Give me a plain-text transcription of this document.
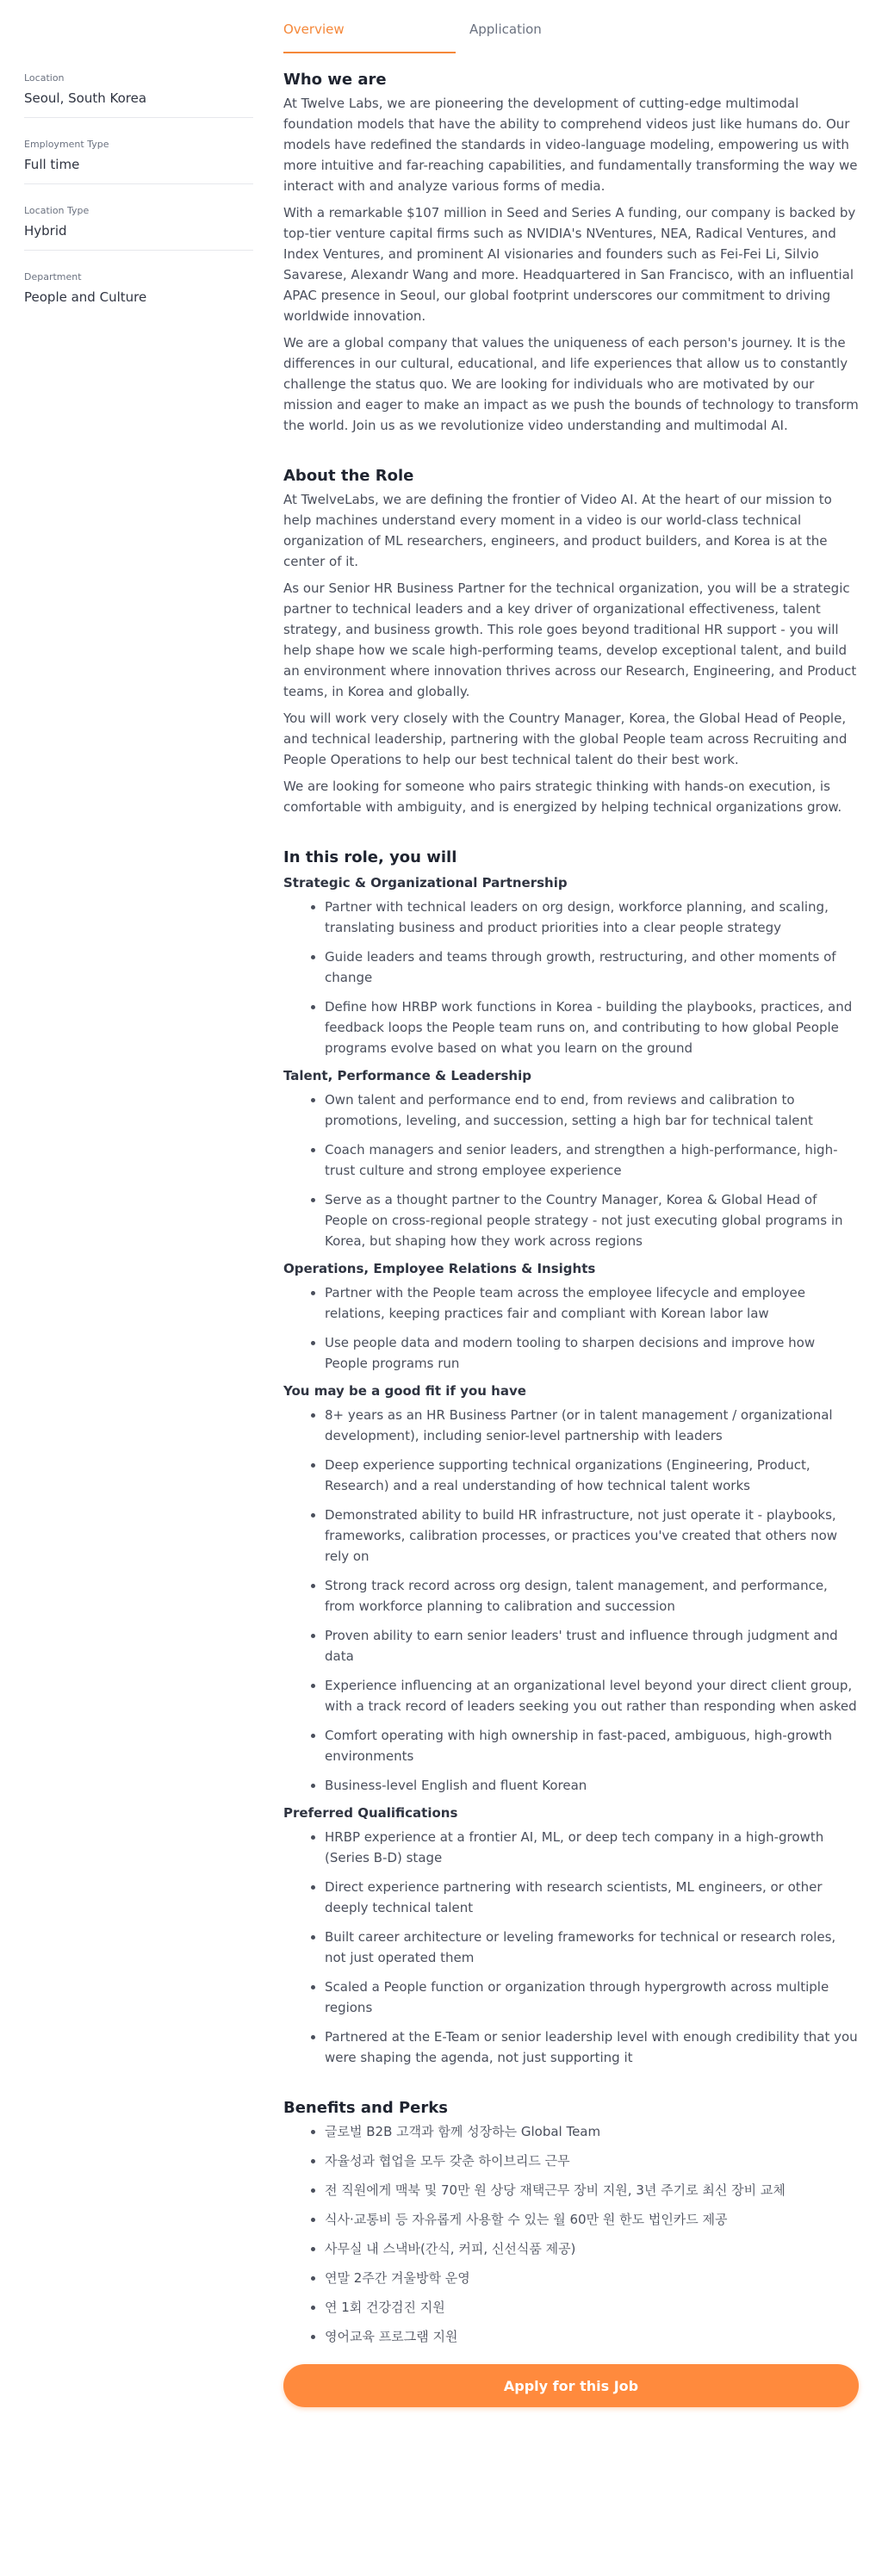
Location
Seoul, South Korea
Employment Type
Full time
Location Type
Hybrid
Department
People and Culture
Overview	Application
Who we are

At Twelve Labs, we are pioneering the development of cutting-edge multimodal foundation models that have the ability to comprehend videos just like humans do. Our models have redefined the standards in video-language modeling, empowering us with more intuitive and far-reaching capabilities, and fundamentally transforming the way we interact with and analyze various forms of media.

With a remarkable $107 million in Seed and Series A funding, our company is backed by top-tier venture capital firms such as NVIDIA's NVentures, NEA, Radical Ventures, and Index Ventures, and prominent AI visionaries and founders such as Fei-Fei Li, Silvio Savarese, Alexandr Wang and more. Headquartered in San Francisco, with an influential APAC presence in Seoul, our global footprint underscores our commitment to driving worldwide innovation.

We are a global company that values the uniqueness of each person's journey. It is the differences in our cultural, educational, and life experiences that allow us to constantly challenge the status quo. We are looking for individuals who are motivated by our mission and eager to make an impact as we push the bounds of technology to transform the world. Join us as we revolutionize video understanding and multimodal AI.

About the Role

At TwelveLabs, we are defining the frontier of Video AI. At the heart of our mission to help machines understand every moment in a video is our world-class technical organization of ML researchers, engineers, and product builders, and Korea is at the center of it.

As our Senior HR Business Partner for the technical organization, you will be a strategic partner to technical leaders and a key driver of organizational effectiveness, talent strategy, and business growth. This role goes beyond traditional HR support - you will help shape how we scale high-performing teams, develop exceptional talent, and build an environment where innovation thrives across our Research, Engineering, and Product teams, in Korea and globally.

You will work very closely with the Country Manager, Korea, the Global Head of People, and technical leadership, partnering with the global People team across Recruiting and People Operations to help our best technical talent do their best work.

We are looking for someone who pairs strategic thinking with hands-on execution, is comfortable with ambiguity, and is energized by helping technical organizations grow.

In this role, you will
Strategic & Organizational Partnership
Partner with technical leaders on org design, workforce planning, and scaling, translating business and product priorities into a clear people strategy
Guide leaders and teams through growth, restructuring, and other moments of change
Define how HRBP work functions in Korea - building the playbooks, practices, and feedback loops the People team runs on, and contributing to how global People programs evolve based on what you learn on the ground
Talent, Performance & Leadership
Own talent and performance end to end, from reviews and calibration to promotions, leveling, and succession, setting a high bar for technical talent
Coach managers and senior leaders, and strengthen a high-performance, high-trust culture and strong employee experience
Serve as a thought partner to the Country Manager, Korea & Global Head of People on cross-regional people strategy - not just executing global programs in Korea, but shaping how they work across regions
Operations, Employee Relations & Insights
Partner with the People team across the employee lifecycle and employee relations, keeping practices fair and compliant with Korean labor law
Use people data and modern tooling to sharpen decisions and improve how People programs run
You may be a good fit if you have
8+ years as an HR Business Partner (or in talent management / organizational development), including senior-level partnership with leaders
Deep experience supporting technical organizations (Engineering, Product, Research) and a real understanding of how technical talent works
Demonstrated ability to build HR infrastructure, not just operate it - playbooks, frameworks, calibration processes, or practices you've created that others now rely on
Strong track record across org design, talent management, and performance, from workforce planning to calibration and succession
Proven ability to earn senior leaders' trust and influence through judgment and data
Experience influencing at an organizational level beyond your direct client group, with a track record of leaders seeking you out rather than responding when asked
Comfort operating with high ownership in fast-paced, ambiguous, high-growth environments
Business-level English and fluent Korean
Preferred Qualifications
HRBP experience at a frontier AI, ML, or deep tech company in a high-growth (Series B-D) stage
Direct experience partnering with research scientists, ML engineers, or other deeply technical talent
Built career architecture or leveling frameworks for technical or research roles, not just operated them
Scaled a People function or organization through hypergrowth across multiple regions
Partnered at the E-Team or senior leadership level with enough credibility that you were shaping the agenda, not just supporting it
Benefits and Perks
글로벌 B2B 고객과 함께 성장하는 Global Team
자율성과 협업을 모두 갖춘 하이브리드 근무
전 직원에게 맥북 및 70만 원 상당 재택근무 장비 지원, 3년 주기로 최신 장비 교체
식사·교통비 등 자유롭게 사용할 수 있는 월 60만 원 한도 법인카드 제공
사무실 내 스낵바(간식, 커피, 신선식품 제공)
연말 2주간 겨울방학 운영
연 1회 건강검진 지원
영어교육 프로그램 지원
Apply for this Job
